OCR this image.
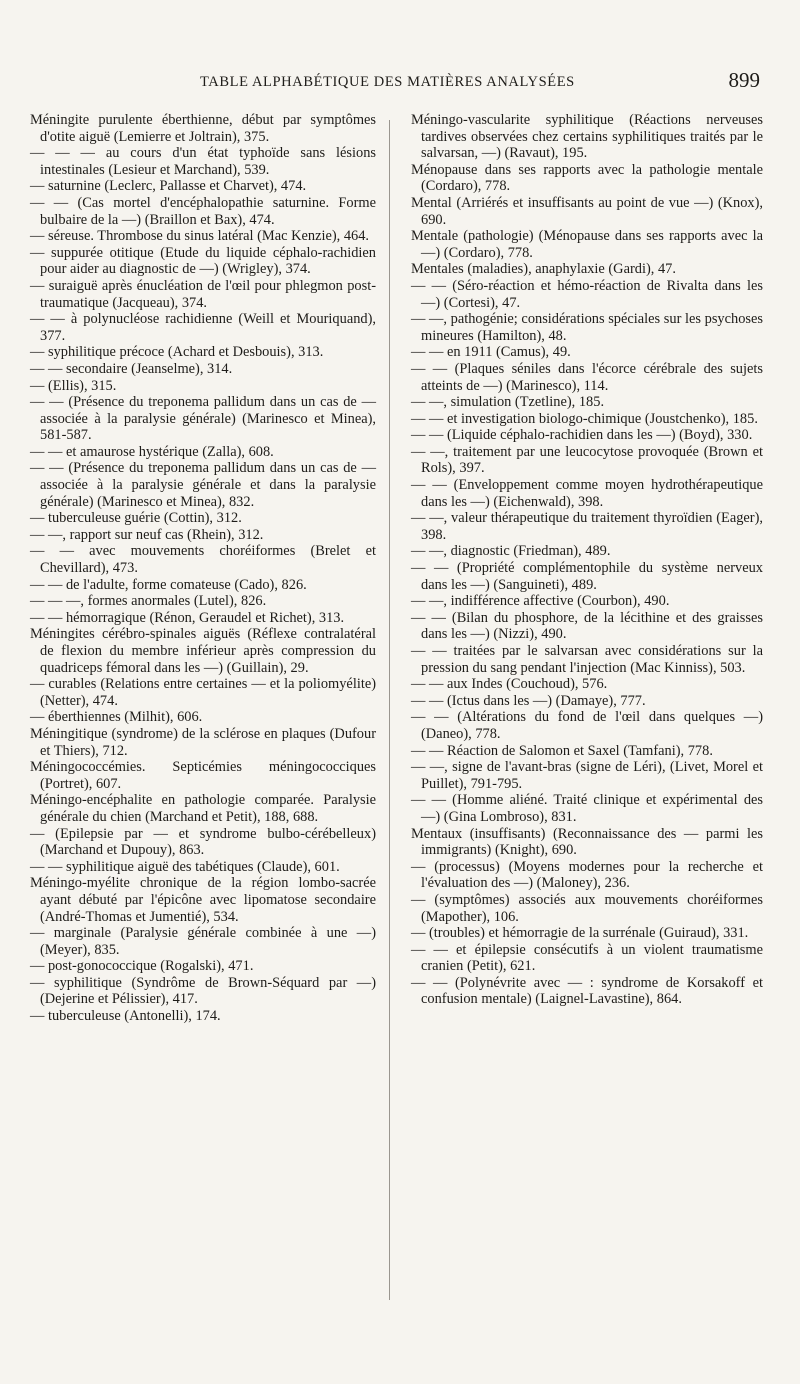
TABLE ALPHABÉTIQUE DES MATIÈRES ANALYSÉES	899

Méningite purulente éberthienne, début par symptômes d'otite aiguë (Lemierre et Joltrain), 375.

— — — au cours d'un état typhoïde sans lésions intestinales (Lesieur et Marchand), 539.

— saturnine (Leclerc, Pallasse et Charvet), 474.

— — (Cas mortel d'encéphalopathie saturnine. Forme bulbaire de la —) (Braillon et Bax), 474.

— séreuse. Thrombose du sinus latéral (Mac Kenzie), 464.

— suppurée otitique (Etude du liquide céphalo-rachidien pour aider au diagnostic de —) (Wrigley), 374.

— suraiguë après énucléation de l'œil pour phlegmon post-traumatique (Jacqueau), 374.

— — à polynucléose rachidienne (Weill et Mouriquand), 377.

— syphilitique précoce (Achard et Desbouis), 313.

— — secondaire (Jeanselme), 314.

— (Ellis), 315.

— — (Présence du treponema pallidum dans un cas de — associée à la paralysie générale) (Marinesco et Minea), 581-587.

— — et amaurose hystérique (Zalla), 608.

— — (Présence du treponema pallidum dans un cas de — associée à la paralysie générale et dans la paralysie générale) (Marinesco et Minea), 832.

— tuberculeuse guérie (Cottin), 312.

— —, rapport sur neuf cas (Rhein), 312.

— — avec mouvements choréiformes (Brelet et Chevillard), 473.

— — de l'adulte, forme comateuse (Cado), 826.

— — —, formes anormales (Lutel), 826.

— — hémorragique (Rénon, Geraudel et Richet), 313.

Méningites cérébro-spinales aiguës (Réflexe contralatéral de flexion du membre inférieur après compression du quadriceps fémoral dans les —) (Guillain), 29.

— curables (Relations entre certaines — et la poliomyélite) (Netter), 474.

— éberthiennes (Milhit), 606.

Méningitique (syndrome) de la sclérose en plaques (Dufour et Thiers), 712.

Méningococcémies. Septicémies méningococciques (Portret), 607.

Méningo-encéphalite en pathologie comparée. Paralysie générale du chien (Marchand et Petit), 188, 688.

— (Epilepsie par — et syndrome bulbo-cérébelleux) (Marchand et Dupouy), 863.

— — syphilitique aiguë des tabétiques (Claude), 601.

Méningo-myélite chronique de la région lombo-sacrée ayant débuté par l'épicône avec lipomatose secondaire (André-Thomas et Jumentié), 534.

— marginale (Paralysie générale combinée à une —) (Meyer), 835.

— post-gonococcique (Rogalski), 471.

— syphilitique (Syndrôme de Brown-Séquard par —) (Dejerine et Pélissier), 417.

— tuberculeuse (Antonelli), 174.

Méningo-vascularite syphilitique (Réactions nerveuses tardives observées chez certains syphilitiques traités par le salvarsan, —) (Ravaut), 195.

Ménopause dans ses rapports avec la pathologie mentale (Cordaro), 778.

Mental (Arriérés et insuffisants au point de vue —) (Knox), 690.

Mentale (pathologie) (Ménopause dans ses rapports avec la —) (Cordaro), 778.

Mentales (maladies), anaphylaxie (Gardi), 47.

— — (Séro-réaction et hémo-réaction de Rivalta dans les —) (Cortesi), 47.

— —, pathogénie; considérations spéciales sur les psychoses mineures (Hamilton), 48.

— — en 1911 (Camus), 49.

— — (Plaques séniles dans l'écorce cérébrale des sujets atteints de —) (Marinesco), 114.

— —, simulation (Tzetline), 185.

— — et investigation biologo-chimique (Joustchenko), 185.

— — (Liquide céphalo-rachidien dans les —) (Boyd), 330.

— —, traitement par une leucocytose provoquée (Brown et Rols), 397.

— — (Enveloppement comme moyen hydrothérapeutique dans les —) (Eichenwald), 398.

— —, valeur thérapeutique du traitement thyroïdien (Eager), 398.

— —, diagnostic (Friedman), 489.

— — (Propriété complémentophile du système nerveux dans les —) (Sanguineti), 489.

— —, indifférence affective (Courbon), 490.

— — (Bilan du phosphore, de la lécithine et des graisses dans les —) (Nizzi), 490.

— — traitées par le salvarsan avec considérations sur la pression du sang pendant l'injection (Mac Kinniss), 503.

— — aux Indes (Couchoud), 576.

— — (Ictus dans les —) (Damaye), 777.

— — (Altérations du fond de l'œil dans quelques —) (Daneo), 778.

— — Réaction de Salomon et Saxel (Tamfani), 778.

— —, signe de l'avant-bras (signe de Léri), (Livet, Morel et Puillet), 791-795.

— — (Homme aliéné. Traité clinique et expérimental des —) (Gina Lombroso), 831.

Mentaux (insuffisants) (Reconnaissance des — parmi les immigrants) (Knight), 690.

— (processus) (Moyens modernes pour la recherche et l'évaluation des —) (Maloney), 236.

— (symptômes) associés aux mouvements choréiformes (Mapother), 106.

— (troubles) et hémorragie de la surrénale (Guiraud), 331.

— — et épilepsie consécutifs à un violent traumatisme cranien (Petit), 621.

— — (Polynévrite avec — : syndrome de Korsakoff et confusion mentale) (Laignel-Lavastine), 864.
